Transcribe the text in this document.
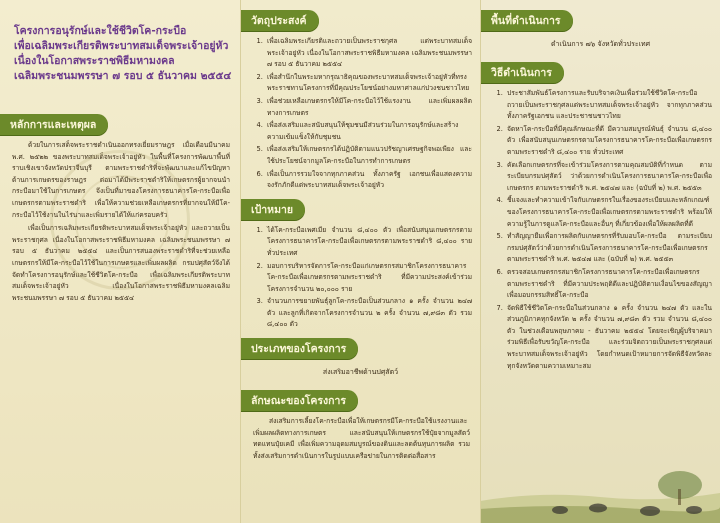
โครงการอนุรักษ์และใช้ชีวิตโค-กระบือ
เพื่อเฉลิมพระเกียรติพระบาทสมเด็จพระเจ้าอยู่หัว
เนื่องในโอกาสพระราชพิธีมหามงคล
เฉลิมพระชนมพรรษา ๗ รอบ ๕ ธันวาคม ๒๕๕๔
หลักการและเหตุผล

ด้วยในการเสด็จพระราชดำเนินออกทรงเยี่ยมราษฎร เมื่อเดือนมีนาคม พ.ศ. ๒๕๒๒ ของพระบาทสมเด็จพระเจ้าอยู่หัว ในพื้นที่โครงการพัฒนาพื้นที่ราบเชิงเขาจังหวัดปราจีนบุรี ตามพระราชดำริที่จะพัฒนาและแก้ไขปัญหาด้านการเกษตรของราษฎร ต่อมาได้มีพระราชดำริให้เกษตรกรผู้ยากจนนำกระบือมาใช้ในการเกษตร จึงเป็นที่มาของโครงการธนาคารโค-กระบือเพื่อเกษตรกรตามพระราชดำริ เพื่อให้ความช่วยเหลือเกษตรกรที่ยากจนให้มีโค-กระบือไว้ใช้งานในไร่นาและเพิ่มรายได้ให้แก่ครอบครัว

เพื่อเป็นการเฉลิมพระเกียรติพระบาทสมเด็จพระเจ้าอยู่หัว และถวายเป็นพระราชกุศล เนื่องในโอกาสพระราชพิธีมหามงคล เฉลิมพระชนมพรรษา ๗ รอบ ๕ ธันวาคม ๒๕๕๔ และเป็นการสนองพระราชดำริที่จะช่วยเหลือเกษตรกรให้มีโค-กระบือไว้ใช้ในการเกษตรและเพิ่มผลผลิต กรมปศุสัตว์จึงได้จัดทำโครงการอนุรักษ์และใช้ชีวิตโค-กระบือ เพื่อเฉลิมพระเกียรติพระบาทสมเด็จพระเจ้าอยู่หัว เนื่องในโอกาสพระราชพิธีมหามงคลเฉลิมพระชนมพรรษา ๗ รอบ ๕ ธันวาคม ๒๕๕๔

วัตถุประสงค์
1. เพื่อเฉลิมพระเกียรติและถวายเป็นพระราชกุศล แด่พระบาทสมเด็จพระเจ้าอยู่หัว เนื่องในโอกาสพระราชพิธีมหามงคล เฉลิมพระชนมพรรษา ๗ รอบ ๕ ธันวาคม ๒๕๕๔
2. เพื่อสำนึกในพระมหากรุณาธิคุณของพระบาทสมเด็จพระเจ้าอยู่หัวที่ทรงพระราชทานโครงการที่มีคุณประโยชน์อย่างมหาศาลแก่ปวงชนชาวไทย
3. เพื่อช่วยเหลือเกษตรกรให้มีโค-กระบือไว้ใช้แรงงาน และเพิ่มผลผลิตทางการเกษตร
4. เพื่อส่งเสริมและสนับสนุนให้ชุมชนมีส่วนร่วมในการอนุรักษ์และสร้างความเข้มแข็งให้กับชุมชน
5. เพื่อส่งเสริมให้เกษตรกรได้ปฏิบัติตามแนวปรัชญาเศรษฐกิจพอเพียง และใช้ประโยชน์จากมูลโค-กระบือในการทำการเกษตร
6. เพื่อเป็นการรวมใจจากทุกภาคส่วน ทั้งภาครัฐ เอกชนเพื่อแสดงความจงรักภักดีแด่พระบาทสมเด็จพระเจ้าอยู่หัว
เป้าหมาย
1. ได้โค-กระบือเพศเมีย จำนวน ๘,๔๐๐ ตัว เพื่อสนับสนุนเกษตรกรตามโครงการธนาคารโค-กระบือเพื่อเกษตรกรตามพระราชดำริ ๘,๔๐๐ ราย ทั่วประเทศ
2. มอบการบริหารจัดการโค-กระบือแก่เกษตรกรสมาชิกโครงการธนาคารโค-กระบือเพื่อเกษตรกรตามพระราชดำริ ที่มีความประสงค์เข้าร่วมโครงการจำนวน ๒๐,๐๐๐ ราย
3. จำนวนการขยายพันธุ์ลูกโค-กระบือเป็นส่วนกลาง ๑ ครั้ง จำนวน ๒๔๗ ตัว และลูกที่เกิดจากโครงการจำนวน ๒ ครั้ง จำนวน ๗,๙๘๓ ตัว รวม ๘,๔๐๐ ตัว
ประเภทของโครงการ
ส่งเสริมอาชีพด้านปศุสัตว์
ลักษณะของโครงการ

ส่งเสริมการเลี้ยงโค-กระบือเพื่อให้เกษตรกรมีโค-กระบือใช้แรงงานและเพิ่มผลผลิตทางการเกษตร และสนับสนุนให้เกษตรกรใช้ปุ๋ยจากมูลสัตว์ทดแทนปุ๋ยเคมี เพื่อเพิ่มความอุดมสมบูรณ์ของดินและลดต้นทุนการผลิต รวมทั้งส่งเสริมการดำเนินการในรูปแบบเครือข่ายในการติดต่อสื่อสาร

พื้นที่ดำเนินการ
ดำเนินการ ๗๖ จังหวัดทั่วประเทศ
วิธีดำเนินการ
1. ประชาสัมพันธ์โครงการและรับบริจาคเงินเพื่อร่วมใช้ชีวิตโค-กระบือ ถวายเป็นพระราชกุศลแด่พระบาทสมเด็จพระเจ้าอยู่หัว จากทุกภาคส่วน ทั้งภาครัฐเอกชน และประชาชนชาวไทย
2. จัดหาโค-กระบือที่มีคุณลักษณะที่ดี มีความสมบูรณ์พันธุ์ จำนวน ๘,๔๐๐ ตัว เพื่อสนับสนุนเกษตรกรตามโครงการธนาคารโค-กระบือเพื่อเกษตรกร ตามพระราชดำริ ๘,๔๐๐ ราย ทั่วประเทศ
3. คัดเลือกเกษตรกรที่จะเข้าร่วมโครงการตามคุณสมบัติที่กำหนด ตามระเบียบกรมปศุสัตว์ ว่าด้วยการดำเนินโครงการธนาคารโค-กระบือเพื่อเกษตรกร ตามพระราชดำริ พ.ศ. ๒๕๔๗ และ (ฉบับที่ ๒) พ.ศ. ๒๕๕๓
4. ชี้แจงและทำความเข้าใจกับเกษตรกรในเรื่องของระเบียบและหลักเกณฑ์ของโครงการธนาคารโค-กระบือเพื่อเกษตรกรตามพระราชดำริ พร้อมให้ความรู้ในการดูแลโค-กระบือและอื่นๆ ที่เกี่ยวข้องเพื่อให้ผลผลิตที่ดี
5. ทำสัญญายืมเพื่อการผลิตกับเกษตรกรที่รับมอบโค-กระบือ ตามระเบียบกรมปศุสัตว์ว่าด้วยการดำเนินโครงการธนาคารโค-กระบือเพื่อเกษตรกร ตามพระราชดำริ พ.ศ. ๒๕๔๗ และ (ฉบับที่ ๒) พ.ศ. ๒๕๕๓
6. ตรวจสอบเกษตรกรสมาชิกโครงการธนาคารโค-กระบือเพื่อเกษตรกร ตามพระราชดำริ ที่มีความประพฤติดีและปฏิบัติตามเงื่อนไขของสัญญา เพื่อมอบกรรมสิทธิ์โค-กระบือ
7. จัดพิธีใช้ชีวิตโค-กระบือในส่วนกลาง ๑ ครั้ง จำนวน ๒๔๗ ตัว และในส่วนภูมิภาคทุกจังหวัด ๒ ครั้ง จำนวน ๗,๙๘๓ ตัว รวม จำนวน ๘,๔๐๐ ตัว ในช่วงเดือนพฤษภาคม - ธันวาคม ๒๕๕๔ โดยจะเชิญผู้บริจาคมาร่วมพิธีเพื่อรับขวัญโค-กระบือ และร่วมจิตถวายเป็นพระราชกุศลแด่พระบาทสมเด็จพระเจ้าอยู่หัว โดยกำหนดเป้าหมายการจัดพิธีจังหวัดละ ทุกจังหวัดตามความเหมาะสม
